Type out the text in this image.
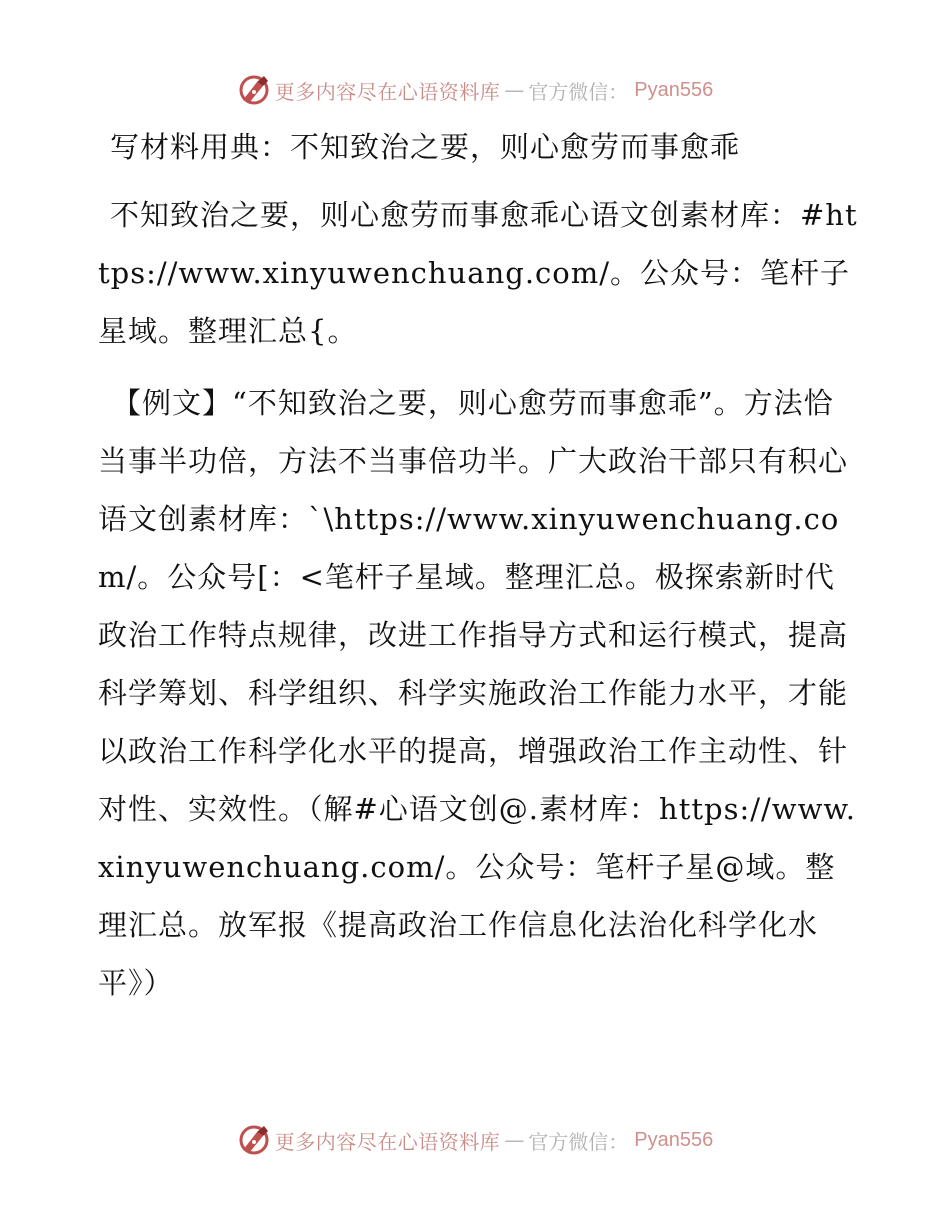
更多内容尽在心语资料库 — 官方微信： Pyan556
写材料用典：不知致治之要，则心愈劳而事愈乖

不知致治之要，则心愈劳而事愈乖心语文创素材库：#https://www.xinyuwenchuang.com/。公众号：笔杆子星域。整理汇总{。

【例文】“不知致治之要，则心愈劳而事愈乖”。方法恰当事半功倍，方法不当事倍功半。广大政治干部只有积心语文创素材库：`\https://www.xinyuwenchuang.com/。公众号[：<笔杆子星域。整理汇总。极探索新时代政治工作特点规律，改进工作指导方式和运行模式，提高科学筹划、科学组织、科学实施政治工作能力水平，才能以政治工作科学化水平的提高，增强政治工作主动性、针对性、实效性。（解#心语文创@.素材库：https://www.xinyuwenchuang.com/。公众号：笔杆子星@域。整理汇总。放军报《提高政治工作信息化法治化科学化水平》）

更多内容尽在心语资料库 — 官方微信： Pyan556
